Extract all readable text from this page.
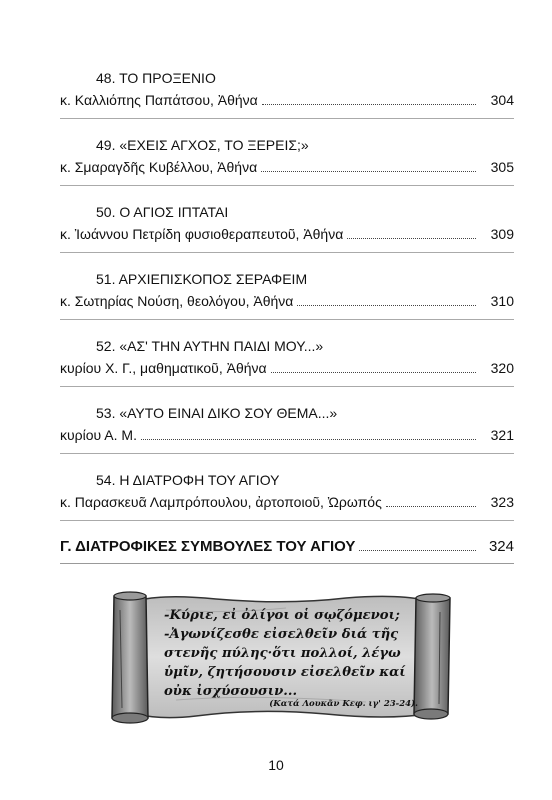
48. ΤΟ ΠΡΟΞΕΝΙΟ
κ. Καλλιόπης Παπάτσου, Ἀθήνα	304
49. «ΕΧΕΙΣ ΑΓΧΟΣ, ΤΟ ΞΕΡΕΙΣ;»
κ. Σμαραγδῆς Κυβέλλου, Ἀθήνα	305
50. Ο ΑΓΙΟΣ ΙΠΤΑΤΑΙ
κ. Ἰωάννου Πετρίδη φυσιοθεραπευτοῦ, Ἀθήνα	309
51. ΑΡΧΙΕΠΙΣΚΟΠΟΣ ΣΕΡΑΦΕΙΜ
κ. Σωτηρίας Νούση, θεολόγου, Ἀθήνα	310
52. «ΑΣ' ΤΗΝ ΑΥΤΗΝ ΠΑΙΔΙ ΜΟΥ...»
κυρίου Χ. Γ., μαθηματικοῦ, Ἀθήνα	320
53. «ΑΥΤΟ ΕΙΝΑΙ ΔΙΚΟ ΣΟΥ ΘΕΜΑ...»
κυρίου Α. Μ.	321
54. Η ΔΙΑΤΡΟΦΗ ΤΟΥ ΑΓΙΟΥ
κ. Παρασκευᾶ Λαμπρόπουλου, ἀρτοποιοῦ, Ὠρωπός	323
Γ. ΔΙΑΤΡΟΦΙΚΕΣ ΣΥΜΒΟΥΛΕΣ ΤΟΥ ΑΓΙΟΥ	324
-Κύριε, εἰ ὀλίγοι οἱ σῳζόμενοι;
-Ἀγωνίζεσθε εἰσελθεῖν διά τῆς
στενῆς πύλης·ὅτι πολλοί, λέγω
ὑμῖν, ζητήσουσιν εἰσελθεῖν καί
οὐκ ἰσχύσουσιν...
(Κατά Λουκᾶν Κεφ. ιγ' 23-24).
10
